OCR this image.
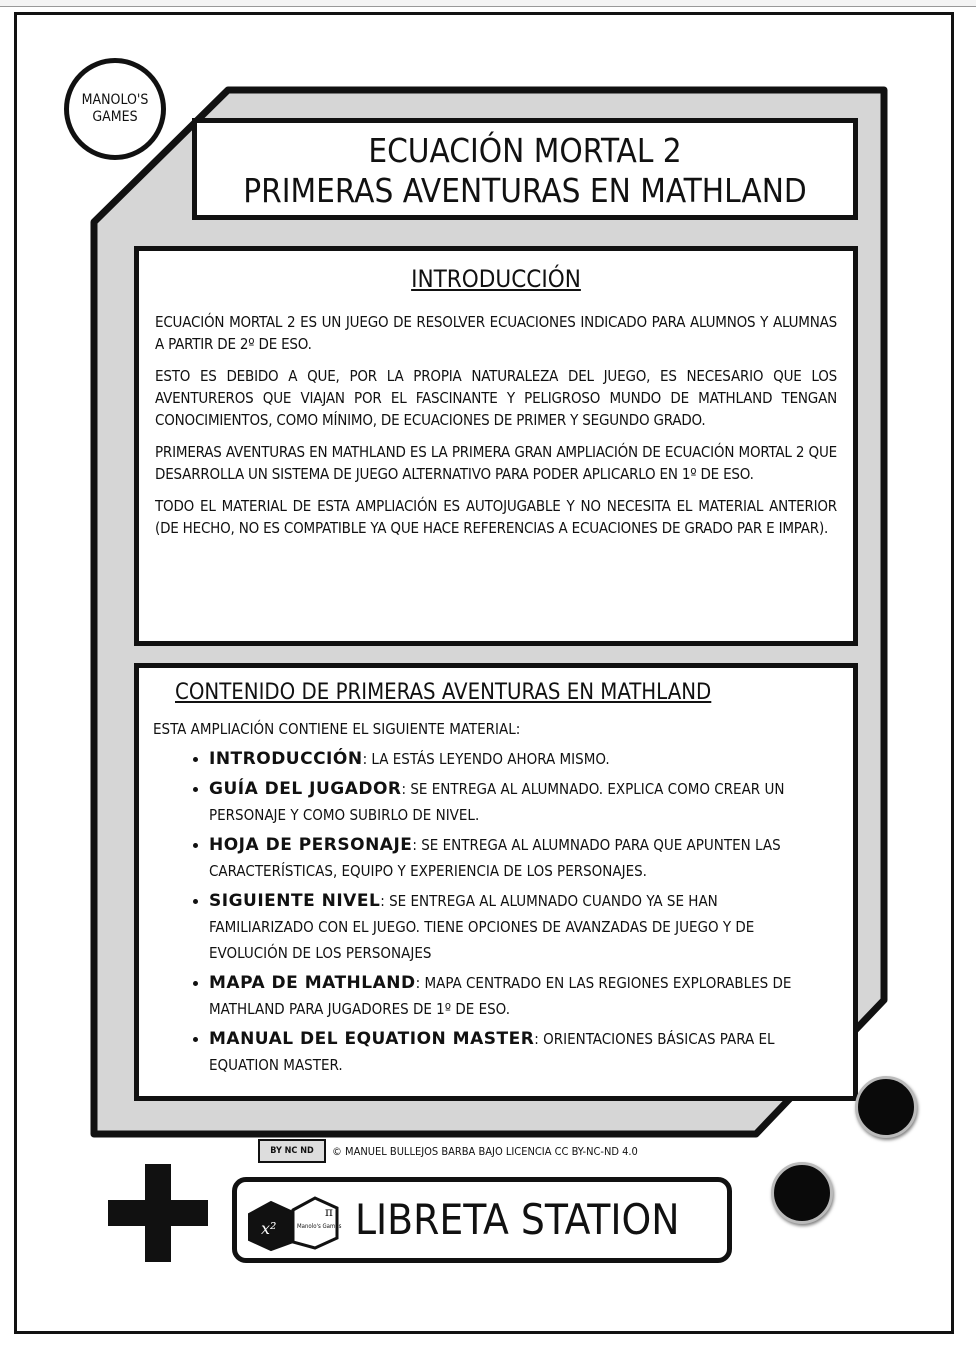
MANOLO'S
GAMES
ECUACIÓN MORTAL 2
PRIMERAS AVENTURAS EN MATHLAND
INTRODUCCIÓN

ECUACIÓN MORTAL 2 ES UN JUEGO DE RESOLVER ECUACIONES INDICADO PARA ALUMNOS Y ALUMNAS A PARTIR DE 2º DE ESO.

ESTO ES DEBIDO A QUE, POR LA PROPIA NATURALEZA DEL JUEGO, ES NECESARIO QUE LOS AVENTUREROS QUE VIAJAN POR EL FASCINANTE Y PELIGROSO MUNDO DE MATHLAND TENGAN CONOCIMIENTOS, COMO MÍNIMO, DE ECUACIONES DE PRIMER Y SEGUNDO GRADO.

PRIMERAS AVENTURAS EN MATHLAND ES LA PRIMERA GRAN AMPLIACIÓN DE ECUACIÓN MORTAL 2 QUE DESARROLLA UN SISTEMA DE JUEGO ALTERNATIVO PARA PODER APLICARLO EN 1º DE ESO.

TODO EL MATERIAL DE ESTA AMPLIACIÓN ES AUTOJUGABLE Y NO NECESITA EL MATERIAL ANTERIOR (DE HECHO, NO ES COMPATIBLE YA QUE HACE REFERENCIAS A ECUACIONES DE GRADO PAR E IMPAR).

CONTENIDO DE PRIMERAS AVENTURAS EN MATHLAND
ESTA AMPLIACIÓN CONTIENE EL SIGUIENTE MATERIAL:
• INTRODUCCIÓN: LA ESTÁS LEYENDO AHORA MISMO.
• GUÍA DEL JUGADOR: SE ENTREGA AL ALUMNADO. EXPLICA COMO CREAR UN PERSONAJE Y COMO SUBIRLO DE NIVEL.
• HOJA DE PERSONAJE: SE ENTREGA AL ALUMNADO PARA QUE APUNTEN LAS CARACTERÍSTICAS, EQUIPO Y EXPERIENCIA DE LOS PERSONAJES.
• SIGUIENTE NIVEL: SE ENTREGA AL ALUMNADO CUANDO YA SE HAN FAMILIARIZADO CON EL JUEGO. TIENE OPCIONES DE AVANZADAS DE JUEGO Y DE EVOLUCIÓN DE LOS PERSONAJES
• MAPA DE MATHLAND: MAPA CENTRADO EN LAS REGIONES EXPLORABLES DE MATHLAND PARA JUGADORES DE 1º DE ESO.
• MANUAL DEL EQUATION MASTER: ORIENTACIONES BÁSICAS PARA EL EQUATION MASTER.
BY NC ND © MANUEL BULLEJOS BARBA BAJO LICENCIA CC BY-NC-ND 4.0
x²	Manolo's Games
π LIBRETA STATION
